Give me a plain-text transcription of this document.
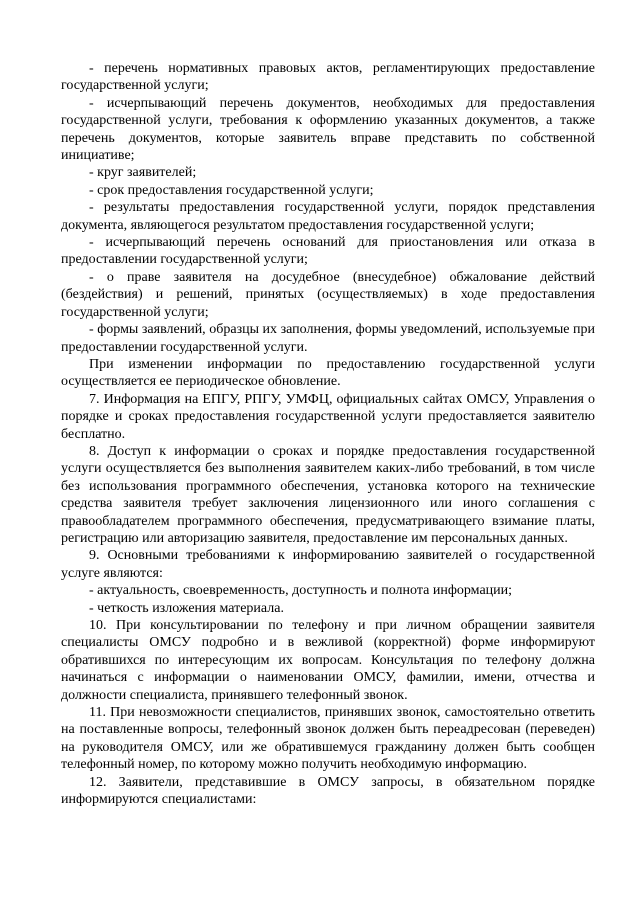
- перечень нормативных правовых актов, регламентирующих предоставление государственной услуги;

- исчерпывающий перечень документов, необходимых для предоставления государственной услуги, требования к оформлению указанных документов, а также перечень документов, которые заявитель вправе представить по собственной инициативе;

- круг заявителей;

- срок предоставления государственной услуги;

- результаты предоставления государственной услуги, порядок представления документа, являющегося результатом предоставления государственной услуги;

- исчерпывающий перечень оснований для приостановления или отказа в предоставлении государственной услуги;

- о праве заявителя на досудебное (внесудебное) обжалование действий (бездействия) и решений, принятых (осуществляемых) в ходе предоставления государственной услуги;

- формы заявлений, образцы их заполнения, формы уведомлений, используемые при предоставлении государственной услуги.

При изменении информации по предоставлению государственной услуги осуществляется ее периодическое обновление.

7. Информация на ЕПГУ, РПГУ, УМФЦ, официальных сайтах ОМСУ, Управления о порядке и сроках предоставления государственной услуги предоставляется заявителю бесплатно.

8. Доступ к информации о сроках и порядке предоставления государственной услуги осуществляется без выполнения заявителем каких-либо требований, в том числе без использования программного обеспечения, установка которого на технические средства заявителя требует заключения лицензионного или иного соглашения с правообладателем программного обеспечения, предусматривающего взимание платы, регистрацию или авторизацию заявителя, предоставление им персональных данных.

9. Основными требованиями к информированию заявителей о государственной услуге являются:

- актуальность, своевременность, доступность и полнота информации;

- четкость изложения материала.

10. При консультировании по телефону и при личном обращении заявителя специалисты ОМСУ подробно и в вежливой (корректной) форме информируют обратившихся по интересующим их вопросам. Консультация по телефону должна начинаться с информации о наименовании ОМСУ, фамилии, имени, отчества и должности специалиста, принявшего телефонный звонок.

11. При невозможности специалистов, принявших звонок, самостоятельно ответить на поставленные вопросы, телефонный звонок должен быть переадресован (переведен) на руководителя ОМСУ, или же обратившемуся гражданину должен быть сообщен телефонный номер, по которому можно получить необходимую информацию.

12. Заявители, представившие в ОМСУ запросы, в обязательном порядке информируются специалистами:
